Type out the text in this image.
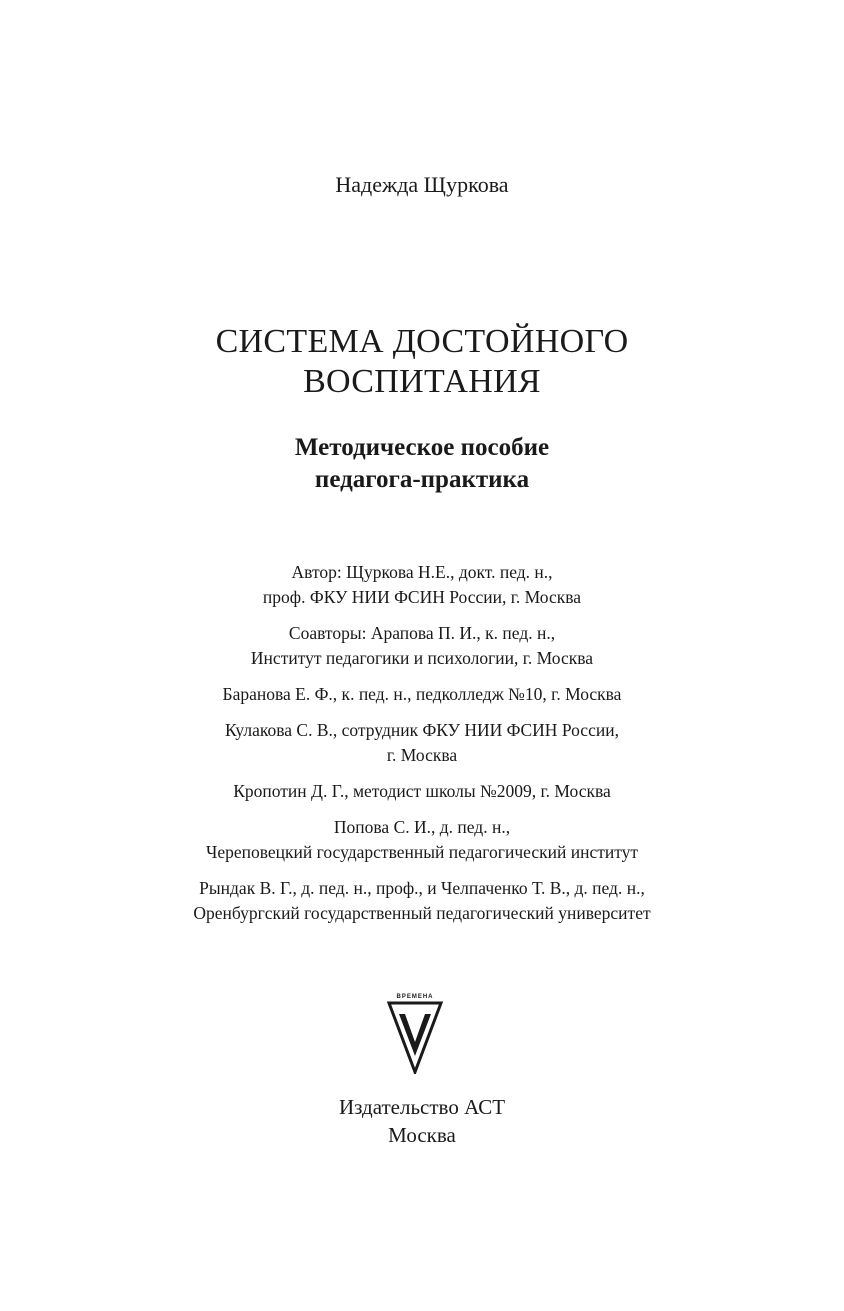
Надежда Щуркова
СИСТЕМА ДОСТОЙНОГО
ВОСПИТАНИЯ
Методическое пособие
педагога-практика
Автор: Щуркова Н.Е., докт. пед. н.,
проф. ФКУ НИИ ФСИН России, г. Москва
Соавторы: Арапова П. И., к. пед. н.,
Институт педагогики и психологии, г. Москва
Баранова Е. Ф., к. пед. н., педколледж №10, г. Москва
Кулакова С. В., сотрудник ФКУ НИИ ФСИН России,
г. Москва
Кропотин Д. Г., методист школы №2009, г. Москва
Попова С. И., д. пед. н.,
Череповецкий государственный педагогический институт
Рындак В. Г., д. пед. н., проф., и Челпаченко Т. В., д. пед. н.,
Оренбургский государственный педагогический университет
ВРЕМЕНА
Издательство АСТ
Москва
